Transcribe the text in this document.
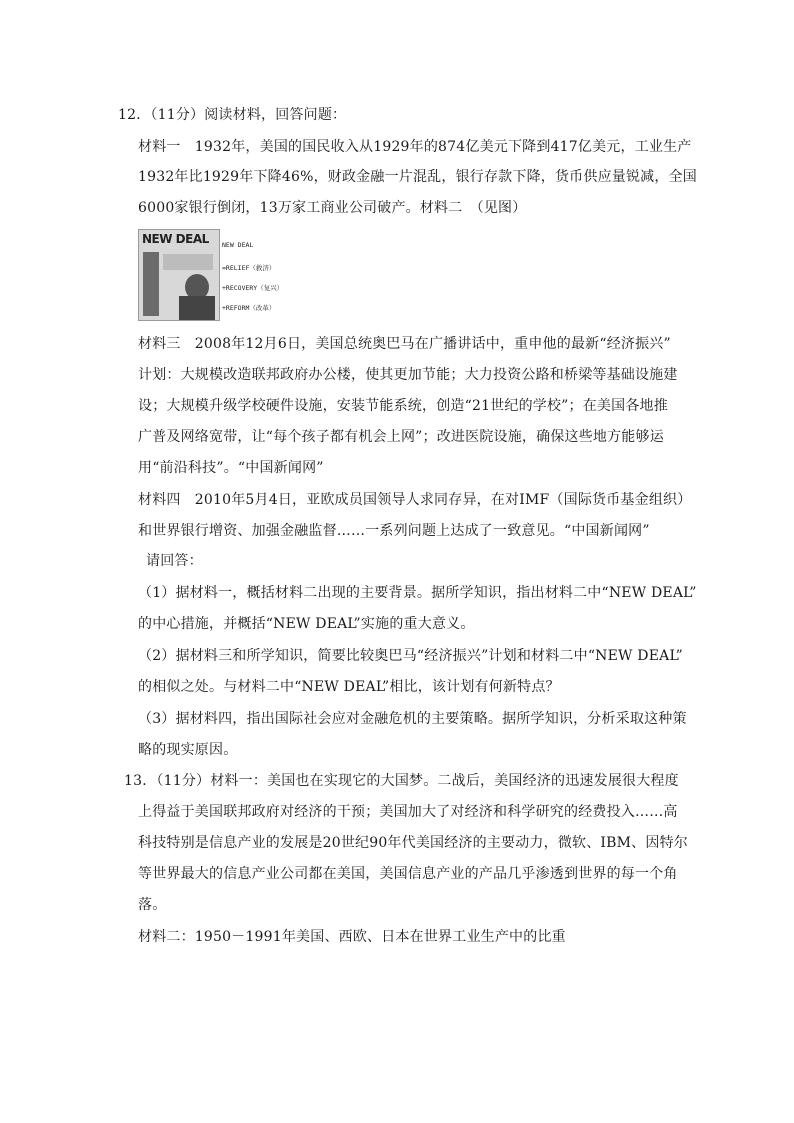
12．（11分）阅读材料，回答问题：
材料一　1932年，美国的国民收入从1929年的874亿美元下降到417亿美元，工业生产
1932年比1929年下降46%，财政金融一片混乱，银行存款下降，货币供应量锐减，全国
6000家银行倒闭，13万家工商业公司破产。材料二　（见图）
NEW DEAL NEW DEAL
=RELIEF（救济）
+RECOVERY（复兴）
+REFORM（改革）
材料三　2008年12月6日，美国总统奥巴马在广播讲话中，重申他的最新“经济振兴”
计划：大规模改造联邦政府办公楼，使其更加节能；大力投资公路和桥梁等基础设施建
设；大规模升级学校硬件设施，安装节能系统，创造“21世纪的学校”；在美国各地推
广普及网络宽带，让“每个孩子都有机会上网”；改进医院设施，确保这些地方能够运
用“前沿科技”。“中国新闻网”
材料四　2010年5月4日，亚欧成员国领导人求同存异，在对IMF（国际货币基金组织）
和世界银行增资、加强金融监督……一系列问题上达成了一致意见。“中国新闻网”
请回答：
（1）据材料一，概括材料二出现的主要背景。据所学知识，指出材料二中“NEW DEAL”
的中心措施，并概括“NEW DEAL”实施的重大意义。
（2）据材料三和所学知识，简要比较奥巴马“经济振兴”计划和材料二中“NEW DEAL”
的相似之处。与材料二中“NEW DEAL”相比，该计划有何新特点？
（3）据材料四，指出国际社会应对金融危机的主要策略。据所学知识，分析采取这种策
略的现实原因。
13．（11分）材料一：美国也在实现它的大国梦。二战后，美国经济的迅速发展很大程度
上得益于美国联邦政府对经济的干预；美国加大了对经济和科学研究的经费投入……高
科技特别是信息产业的发展是20世纪90年代美国经济的主要动力，微软、IBM、因特尔
等世界最大的信息产业公司都在美国，美国信息产业的产品几乎渗透到世界的每一个角
落。
材料二：1950－1991年美国、西欧、日本在世界工业生产中的比重
